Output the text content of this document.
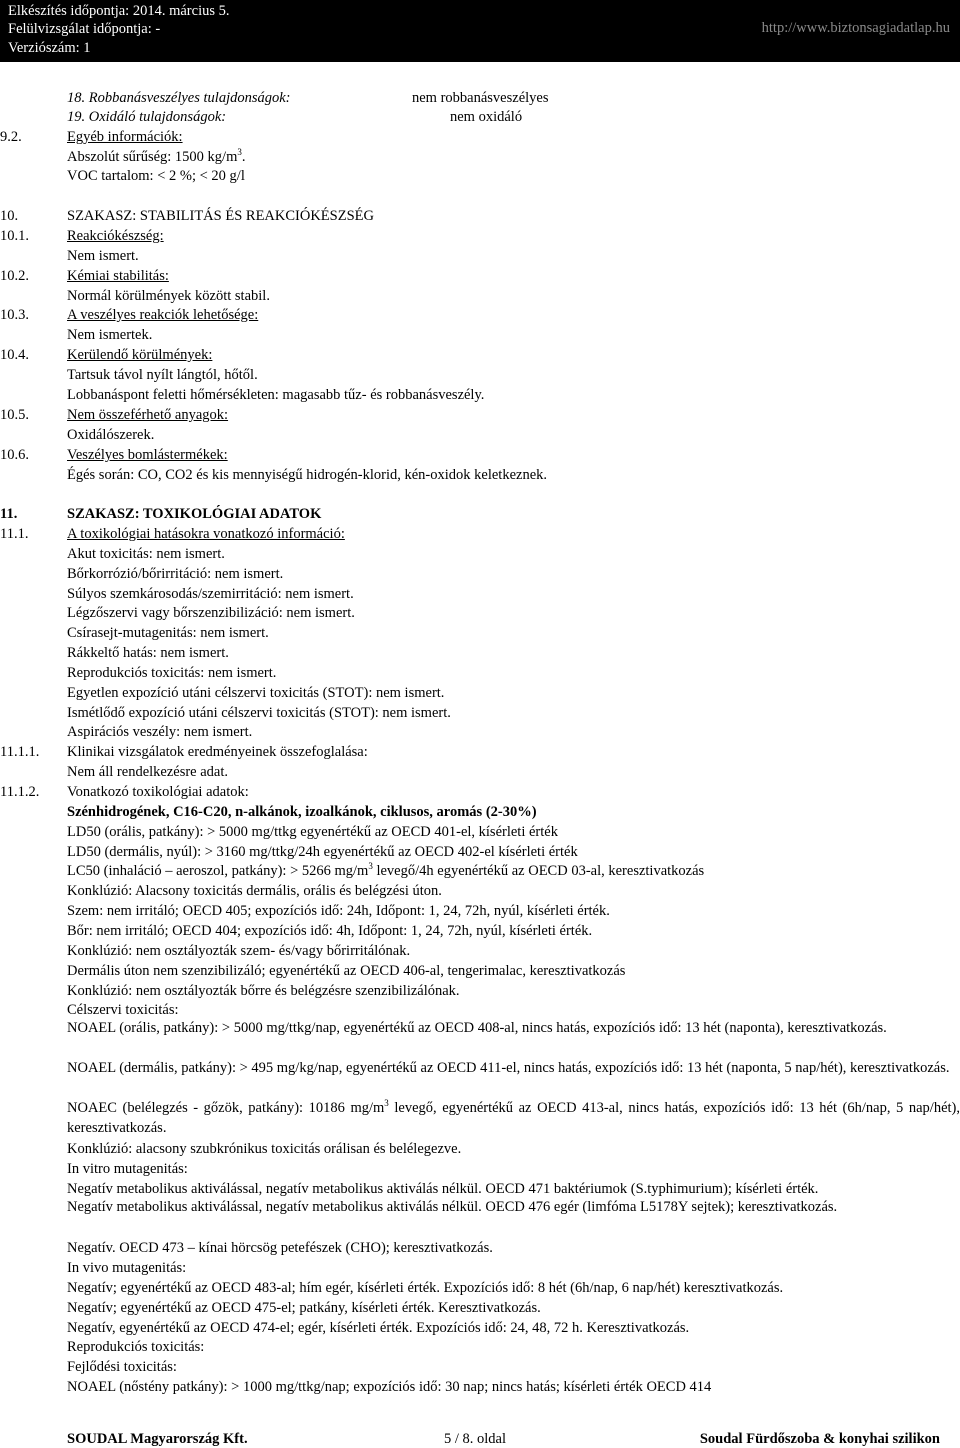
Elkészítés időpontja: 2014. március 5.
Felülvizsgálat időpontja: -
Verziószám: 1
http://www.biztonsagiadatlap.hu
18. Robbanásveszélyes tulajdonságok:	nem robbanásveszélyes
19. Oxidáló tulajdonságok:	nem oxidáló
9.2.	Egyéb információk:
Abszolút sűrűség: 1500 $kg/m^3$.
VOC tartalom: < 2 %; < 20 g/l
10.	SZAKASZ: STABILITÁS ÉS REAKCIÓKÉSZSÉG
10.1.	Reakciókészség:
Nem ismert.
10.2.	Kémiai stabilitás:
Normál körülmények között stabil.
10.3.	A veszélyes reakciók lehetősége:
Nem ismertek.
10.4.	Kerülendő körülmények:
Tartsuk távol nyílt lángtól, hőtől.
Lobbanáspont feletti hőmérsékleten: magasabb tűz- és robbanásveszély.
10.5.	Nem összeférhető anyagok:
Oxidálószerek.
10.6.	Veszélyes bomlástermékek:
Égés során: CO, CO2 és kis mennyiségű hidrogén-klorid, kén-oxidok keletkeznek.
11.	SZAKASZ: TOXIKOLÓGIAI ADATOK
11.1.	A toxikológiai hatásokra vonatkozó információ:
Akut toxicitás: nem ismert.
Bőrkorrózió/bőrirritáció: nem ismert.
Súlyos szemkárosodás/szemirritáció: nem ismert.
Légzőszervi vagy bőrszenzibilizáció: nem ismert.
Csírasejt-mutagenitás: nem ismert.
Rákkeltő hatás: nem ismert.
Reprodukciós toxicitás: nem ismert.
Egyetlen expozíció utáni célszervi toxicitás (STOT): nem ismert.
Ismétlődő expozíció utáni célszervi toxicitás (STOT): nem ismert.
Aspirációs veszély: nem ismert.
11.1.1. Klinikai vizsgálatok eredményeinek összefoglalása:
Nem áll rendelkezésre adat.
11.1.2. Vonatkozó toxikológiai adatok:
Szénhidrogének, C16-C20, n-alkánok, izoalkánok, ciklusos, aromás (2-30%)
LD50 (orális, patkány): > 5000 mg/ttkg egyenértékű az OECD 401-el, kísérleti érték
LD50 (dermális, nyúl): > 3160 mg/ttkg/24h egyenértékű az OECD 402-el kísérleti érték
LC50 (inhaláció – aeroszol, patkány): > 5266 $mg/m^3$ levegő/4h egyenértékű az OECD 03-al, keresztivatkozás
Konklúzió: Alacsony toxicitás dermális, orális és belégzési úton.
Szem: nem irritáló; OECD 405; expozíciós idő: 24h, Időpont: 1, 24, 72h, nyúl, kísérleti érték.
Bőr: nem irritáló; OECD 404; expozíciós idő: 4h, Időpont: 1, 24, 72h, nyúl, kísérleti érték.
Konklúzió: nem osztályozták szem- és/vagy bőrirritálónak.
Dermális úton nem szenzibilizáló; egyenértékű az OECD 406-al, tengerimalac, keresztivatkozás
Konklúzió: nem osztályozták bőrre és belégzésre szenzibilizálónak.
Célszervi toxicitás:
NOAEL (orális, patkány): > 5000 mg/ttkg/nap, egyenértékű az OECD 408-al, nincs hatás, expozíciós idő: 13 hét (naponta), keresztivatkozás.
NOAEL (dermális, patkány): > 495 mg/kg/nap, egyenértékű az OECD 411-el, nincs hatás, expozíciós idő: 13 hét (naponta, 5 nap/hét), keresztivatkozás.
NOAEC (belélegzés - gőzök, patkány): 10186 $mg/m^3$ levegő, egyenértékű az OECD 413-al, nincs hatás, expozíciós idő: 13 hét (6h/nap, 5 nap/hét), keresztivatkozás.
Konklúzió: alacsony szubkrónikus toxicitás orálisan és belélegezve.
In vitro mutagenitás:
Negatív metabolikus aktiválással, negatív metabolikus aktiválás nélkül. OECD 471 baktériumok (S.typhimurium); kísérleti érték.
Negatív metabolikus aktiválással, negatív metabolikus aktiválás nélkül. OECD 476 egér (limfóma L5178Y sejtek); keresztivatkozás.
Negatív. OECD 473 – kínai hörcsög petefészek (CHO); keresztivatkozás.
In vivo mutagenitás:
Negatív; egyenértékű az OECD 483-al; hím egér, kísérleti érték. Expozíciós idő: 8 hét (6h/nap, 6 nap/hét) keresztivatkozás.
Negatív; egyenértékű az OECD 475-el; patkány, kísérleti érték. Keresztivatkozás.
Negatív, egyenértékű az OECD 474-el; egér, kísérleti érték. Expozíciós idő: 24, 48, 72 h. Keresztivatkozás.
Reprodukciós toxicitás:
Fejlődési toxicitás:
NOAEL (nőstény patkány): > 1000 mg/ttkg/nap; expozíciós idő: 30 nap; nincs hatás; kísérleti érték OECD 414
SOUDAL Magyarország Kft.	5 / 8. oldal	Soudal Fürdőszoba & konyhai szilikon
